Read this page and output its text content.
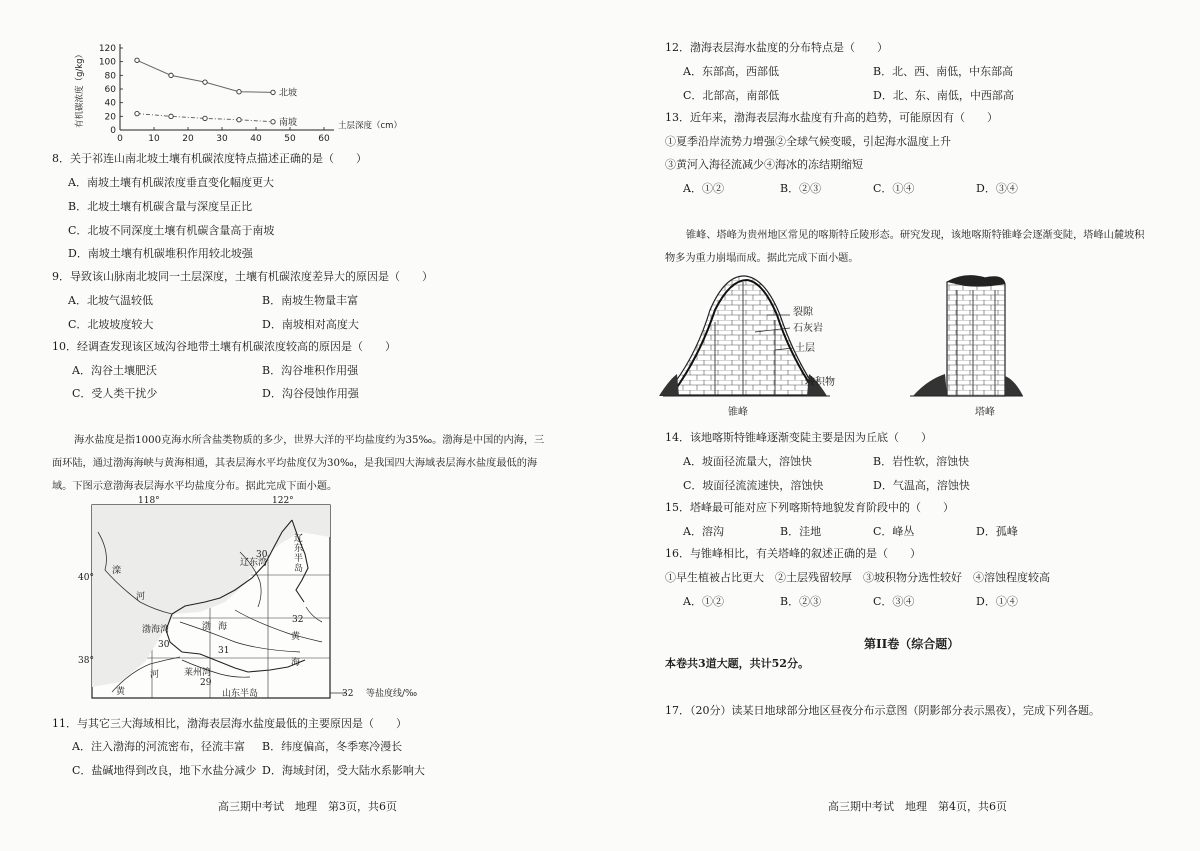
0	10	20	30	40	50	60
0
20
40
60
80
100
120
有机碳浓度（g/kg）	土层深度（cm）
北坡
南坡
8．关于祁连山南北坡土壤有机碳浓度特点描述正确的是（　　）
A．南坡土壤有机碳浓度垂直变化幅度更大
B．北坡土壤有机碳含量与深度呈正比
C．北坡不同深度土壤有机碳含量高于南坡
D．南坡土壤有机碳堆积作用较北坡强
9．导致该山脉南北坡同一土层深度，土壤有机碳浓度差异大的原因是（　　）
A．北坡气温较低	B．南坡生物量丰富
C．北坡坡度较大	D．南坡相对高度大
10．经调查发现该区域沟谷地带土壤有机碳浓度较高的原因是（　　）
A．沟谷土壤肥沃	B．沟谷堆积作用强
C．受人类干扰少	D．沟谷侵蚀作用强
海水盐度是指1000克海水所含盐类物质的多少，世界大洋的平均盐度约为35‰。渤海是中国的内海，三
面环陆，通过渤海海峡与黄海相通，其表层海水平均盐度仅为30‰，是我国四大海域表层海水盐度最低的海
域。下图示意渤海表层海水平均盐度分布。据此完成下面小题。
118°	122°
40°
38°
辽东半岛
辽东湾
渤海湾	渤 海
黄
海
莱州湾
山东半岛
滦
河
黄
河
30
32
30
31
29
32 等盐度线/‰
11．与其它三大海域相比，渤海表层海水盐度最低的主要原因是（　　）
A．注入渤海的河流密布，径流丰富 B．纬度偏高，冬季寒冷漫长
C．盐碱地得到改良，地下水盐分减少 D．海域封闭，受大陆水系影响大
高三期中考试　地理　第3页，共6页
12．渤海表层海水盐度的分布特点是（　　）
A．东部高，西部低	B．北、西、南低，中东部高
C．北部高，南部低	D．北、东、南低，中西部高
13．近年来，渤海表层海水盐度有升高的趋势，可能原因有（　　）
①夏季沿岸流势力增强②全球气候变暖，引起海水温度上升
③黄河入海径流减少④海冰的冻结期缩短
A．①②	B．②③	C．①④	D．③④
锥峰、塔峰为贵州地区常见的喀斯特丘陵形态。研究发现，该地喀斯特锥峰会逐渐变陡，塔峰山麓坡积
物多为重力崩塌而成。据此完成下面小题。
裂隙
石灰岩
土层
坡积物
锥峰	塔峰
14．该地喀斯特锥峰逐渐变陡主要是因为丘底（　　）
A．坡面径流量大，溶蚀快	B．岩性软，溶蚀快
C．坡面径流流速快，溶蚀快	D．气温高，溶蚀快
15．塔峰最可能对应下列喀斯特地貌发育阶段中的（　　）
A．溶沟	B．洼地	C．峰丛	D．孤峰
16．与锥峰相比，有关塔峰的叙述正确的是（　　）
①早生植被占比更大　②土层残留较厚　③坡积物分选性较好　④溶蚀程度较高
A．①②	B．②③	C．③④	D．①④
第II卷（综合题）
本卷共3道大题，共计52分。
17．（20分）读某日地球部分地区昼夜分布示意图（阴影部分表示黑夜），完成下列各题。
高三期中考试　地理　第4页，共6页
